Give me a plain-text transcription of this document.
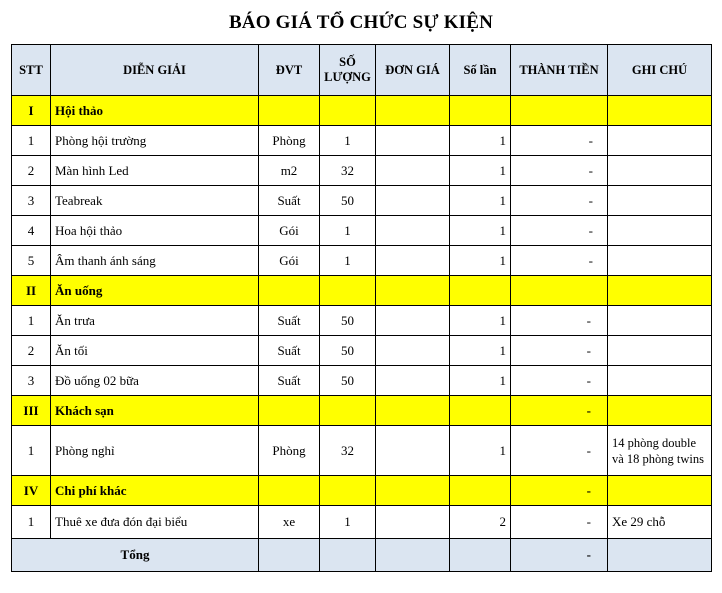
BÁO GIÁ TỔ CHỨC SỰ KIỆN
STT	DIỄN GIẢI	ĐVT	SỐ LƯỢNG	ĐƠN GIÁ	Số lần	THÀNH TIỀN	GHI CHÚ
I	Hội thảo						
1	Phòng hội trường	Phòng	1		1	-	
2	Màn hình Led	m2	32		1	-	
3	Teabreak	Suất	50		1	-	
4	Hoa hội thảo	Gói	1		1	-	
5	Âm thanh ánh sáng	Gói	1		1	-	
II	Ăn uống						
1	Ăn trưa	Suất	50		1	-	
2	Ăn tối	Suất	50		1	-	
3	Đồ uống 02 bữa	Suất	50		1	-	
III	Khách sạn					-	
1	Phòng nghỉ	Phòng	32		1	-	14 phòng double và 18 phòng twins
IV	Chi phí khác					-	
1	Thuê xe đưa đón đại biểu	xe	1		2	-	Xe 29 chỗ
Tổng						-	
